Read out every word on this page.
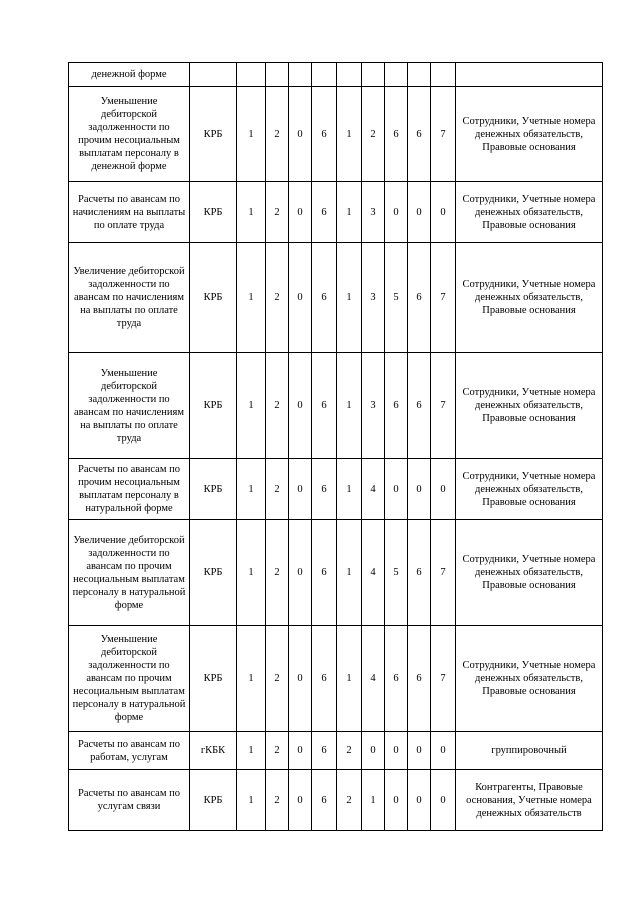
денежной форме											
Уменьшение дебиторской задолженности по прочим несоциальным выплатам персоналу в денежной форме	КРБ	1	2	0	6	1	2	6	6	7	Сотрудники, Учетные номера денежных обязательств, Правовые основания
Расчеты по авансам по начислениям на выплаты по оплате труда	КРБ	1	2	0	6	1	3	0	0	0	Сотрудники, Учетные номера денежных обязательств, Правовые основания
Увеличение дебиторской задолженности по авансам по начислениям на выплаты по оплате труда	КРБ	1	2	0	6	1	3	5	6	7	Сотрудники, Учетные номера денежных обязательств, Правовые основания
Уменьшение дебиторской задолженности по авансам по начислениям на выплаты по оплате труда	КРБ	1	2	0	6	1	3	6	6	7	Сотрудники, Учетные номера денежных обязательств, Правовые основания
Расчеты по авансам по прочим несоциальным выплатам персоналу в натуральной форме	КРБ	1	2	0	6	1	4	0	0	0	Сотрудники, Учетные номера денежных обязательств, Правовые основания
Увеличение дебиторской задолженности по авансам по прочим несоциальным выплатам персоналу в натуральной форме	КРБ	1	2	0	6	1	4	5	6	7	Сотрудники, Учетные номера денежных обязательств, Правовые основания
Уменьшение дебиторской задолженности по авансам по прочим несоциальным выплатам персоналу в натуральной форме	КРБ	1	2	0	6	1	4	6	6	7	Сотрудники, Учетные номера денежных обязательств, Правовые основания
Расчеты по авансам по работам, услугам	гКБК	1	2	0	6	2	0	0	0	0	группировочный
Расчеты по авансам по услугам связи	КРБ	1	2	0	6	2	1	0	0	0	Контрагенты, Правовые основания, Учетные номера денежных обязательств
